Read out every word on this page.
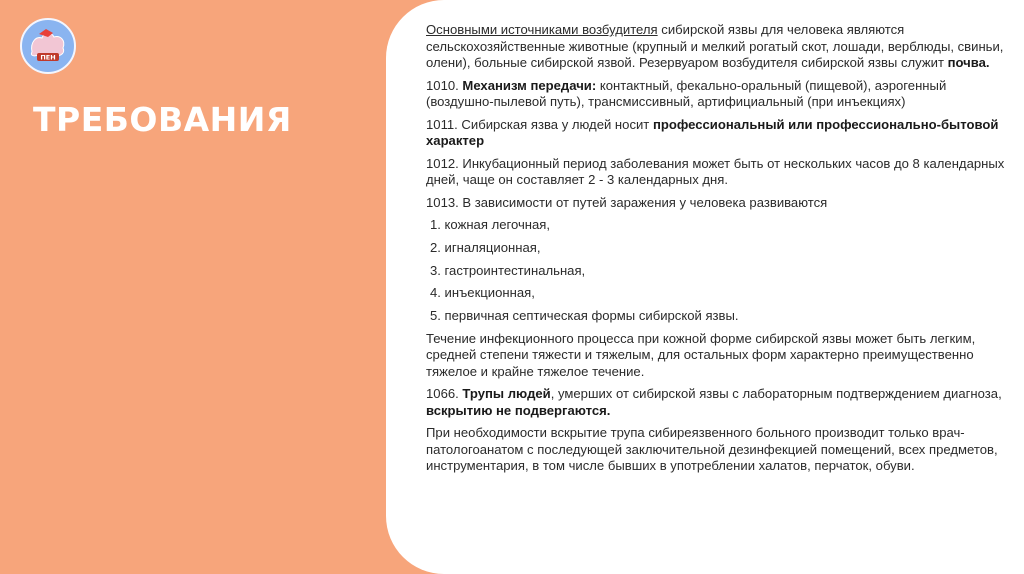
ПЕН
ТРЕБОВАНИЯ

Основными источниками возбудителя сибирской язвы для человека являются сельскохозяйственные животные (крупный и мелкий рогатый скот, лошади, верблюды, свиньи, олени), больные сибирской язвой. Резервуаром возбудителя сибирской язвы служит почва.

1010. Механизм передачи: контактный, фекально-оральный (пищевой), аэрогенный (воздушно-пылевой путь), трансмиссивный, артифициальный (при инъекциях)

1011. Сибирская язва у людей носит профессиональный или профессионально-бытовой характер

1012. Инкубационный период заболевания может быть от нескольких часов до 8 календарных дней, чаще он составляет 2 - 3 календарных дня.

1013. В зависимости от путей заражения у человека развиваются

1. кожная легочная,
2. игналяционная,
3. гастроинтестинальная,
4. инъекционная,
5. первичная септическая формы сибирской язвы.

Течение инфекционного процесса при кожной форме сибирской язвы может быть легким, средней степени тяжести и тяжелым, для остальных форм характерно преимущественно тяжелое и крайне тяжелое течение.

1066. Трупы людей, умерших от сибирской язвы с лабораторным подтверждением диагноза, вскрытию не подвергаются.

При необходимости вскрытие трупа сибиреязвенного больного производит только врач-патологоанатом с последующей заключительной дезинфекцией помещений, всех предметов, инструментария, в том числе бывших в употреблении халатов, перчаток, обуви.
